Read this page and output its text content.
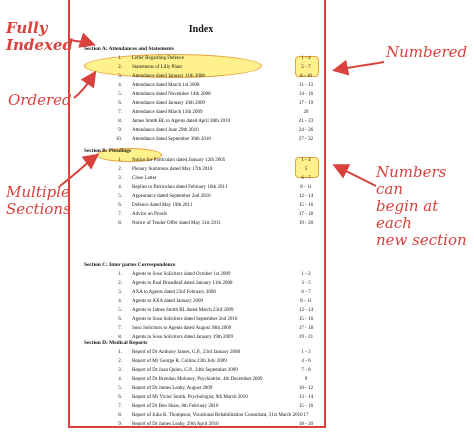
Index
Section A: Attendances and Statements
1. Letter Regarding Defence	1 - 4
2. Statements of Lilly Plant	5 - 7
3. Attendance dated January 11th 2008	8 - 10
4. Attendance dated March 1st 2008	11 - 13
5. Attendance dated November 14th 2008	14 - 16
6. Attendance dated January 10th 2009	17 - 19
7. Attendance dated March 13th 2009	20
8. James Smith BL to Agents dated April 28th 2010	21 - 23
9. Attendance dated June 29th 2010	24 - 26
10. Attendance dated September 30th 2010	27 - 32
Section B: Pleadings
1. Notice for Particulars dated January 12th 2005	1 - 4
2. Plenary Summons dated May 17th 2010	5
3. Close Letter	6 - 7
4. Replies to Particulars dated February 16th 2011	8 - 11
5. Appearance dated September 2nd 2010	12 - 14
6. Defence dated May 19th 2011	15 - 16
7. Advice on Proofs	17 - 18
8. Notice of Tender Offer dated May 31st 2011	19 - 20
Section C: Inter partes Correspondence
1. Agents to Soso Solicitors dated October 1st 2009	1 - 2
2. Agents to Paul Broadleaf dated January 11th 2008	3 - 5
3. AXA to Agents dated 23rd February 2008	6 - 7
4. Agents to AXA dated January 2009	8 - 11
5. Agents to James Smith BL dated March 23rd 2009	12 - 14
6. Agents to Soso Solicitors dated September 2nd 2010	15 - 16
7. Soso Solicitors to Agents dated August 30th 2009	17 - 18
8. Agents to Soso Solicitors dated January 19th 2009	19 - 21
Section D: Medical Reports
1. Report of Dr Anthony James, G.P., 23rd January 2008	1 - 3
2. Report of Mr George R. Collins 23th July 2009	4 - 6
3. Report of Dr Joan Quinn, G.P., 24th September 2009	7 - 8
4. Report of Dr Brendan Moloney, Psychiatrist, 4th December 2009	9
5. Report of Dr James Leahy, August 2009	10 - 12
6. Report of Mr Victor Smith, Psychologist, 9th March 2010	13 - 14
7. Report of Dr Ben Shaw, 8th February 2010	15 - 16
8. Report of Julia R. Thompson, Vocational Rehabilitation Consultant, 31st March 2010 17
9. Report of Dr James Leahy, 29th April 2010	18 - 20
Fully
Indexed
Ordered
Multiple
Sections
Numbered
Numbers can
begin at each
new section
